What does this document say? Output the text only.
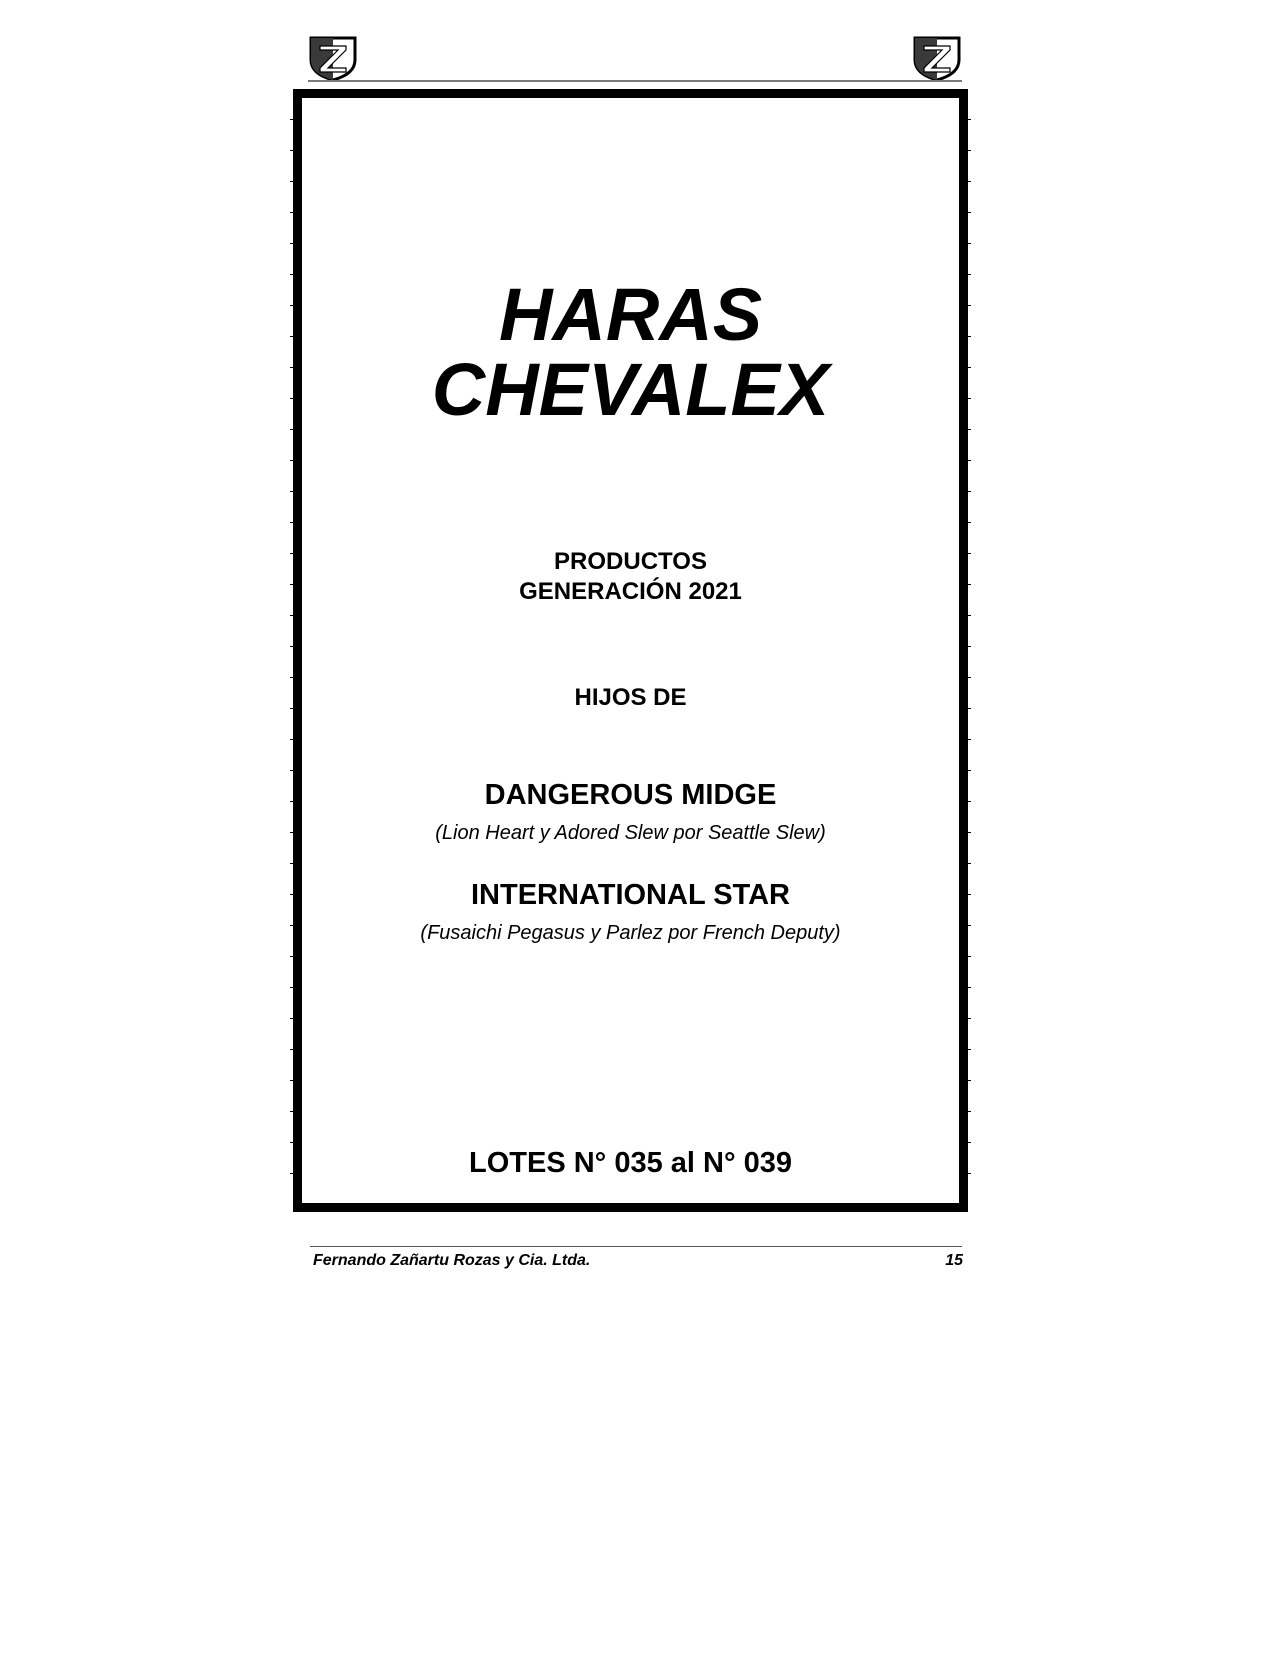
HARAS
CHEVALEX
PRODUCTOS
GENERACIÓN 2021
HIJOS DE
DANGEROUS MIDGE
(Lion Heart y Adored Slew por Seattle Slew)
INTERNATIONAL STAR
(Fusaichi Pegasus y Parlez por French Deputy)
LOTES N° 035 al N° 039
Fernando Zañartu Rozas y Cia. Ltda.	15
